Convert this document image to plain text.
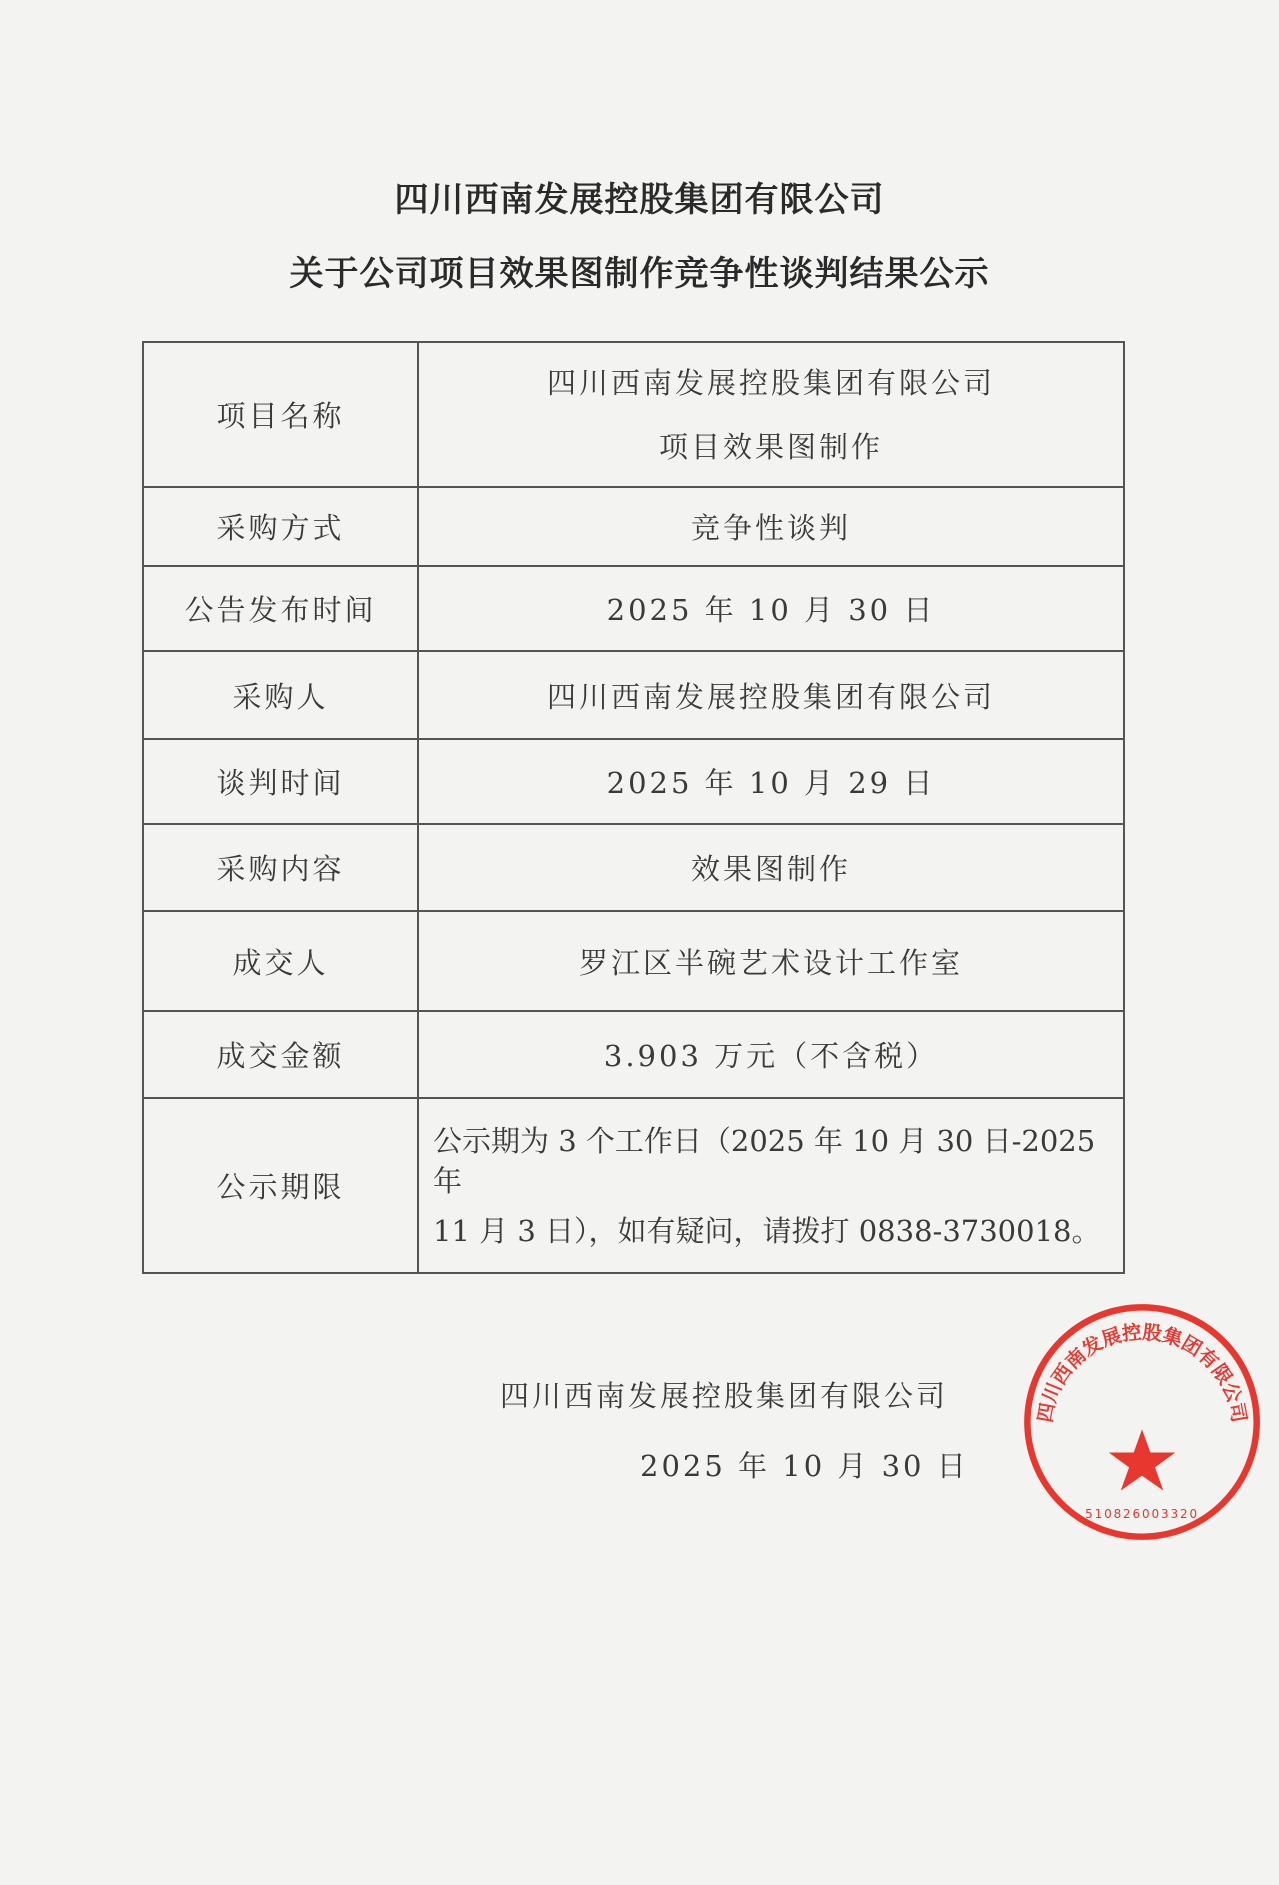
四川西南发展控股集团有限公司
关于公司项目效果图制作竞争性谈判结果公示
项目名称	四川西南发展控股集团有限公司
项目效果图制作

采购方式	竞争性谈判
公告发布时间	2025 年 10 月 30 日
采购人	四川西南发展控股集团有限公司
谈判时间	2025 年 10 月 29 日
采购内容	效果图制作
成交人	罗江区半碗艺术设计工作室
成交金额	3.903 万元（不含税）
公示期限	公示期为 3 个工作日（2025 年 10 月 30 日-2025 年
11 月 3 日），如有疑问，请拨打 0838-3730018。
四川西南发展控股集团有限公司
2025 年 10 月 30 日
四川西南发展控股集团有限公司
510826003320
